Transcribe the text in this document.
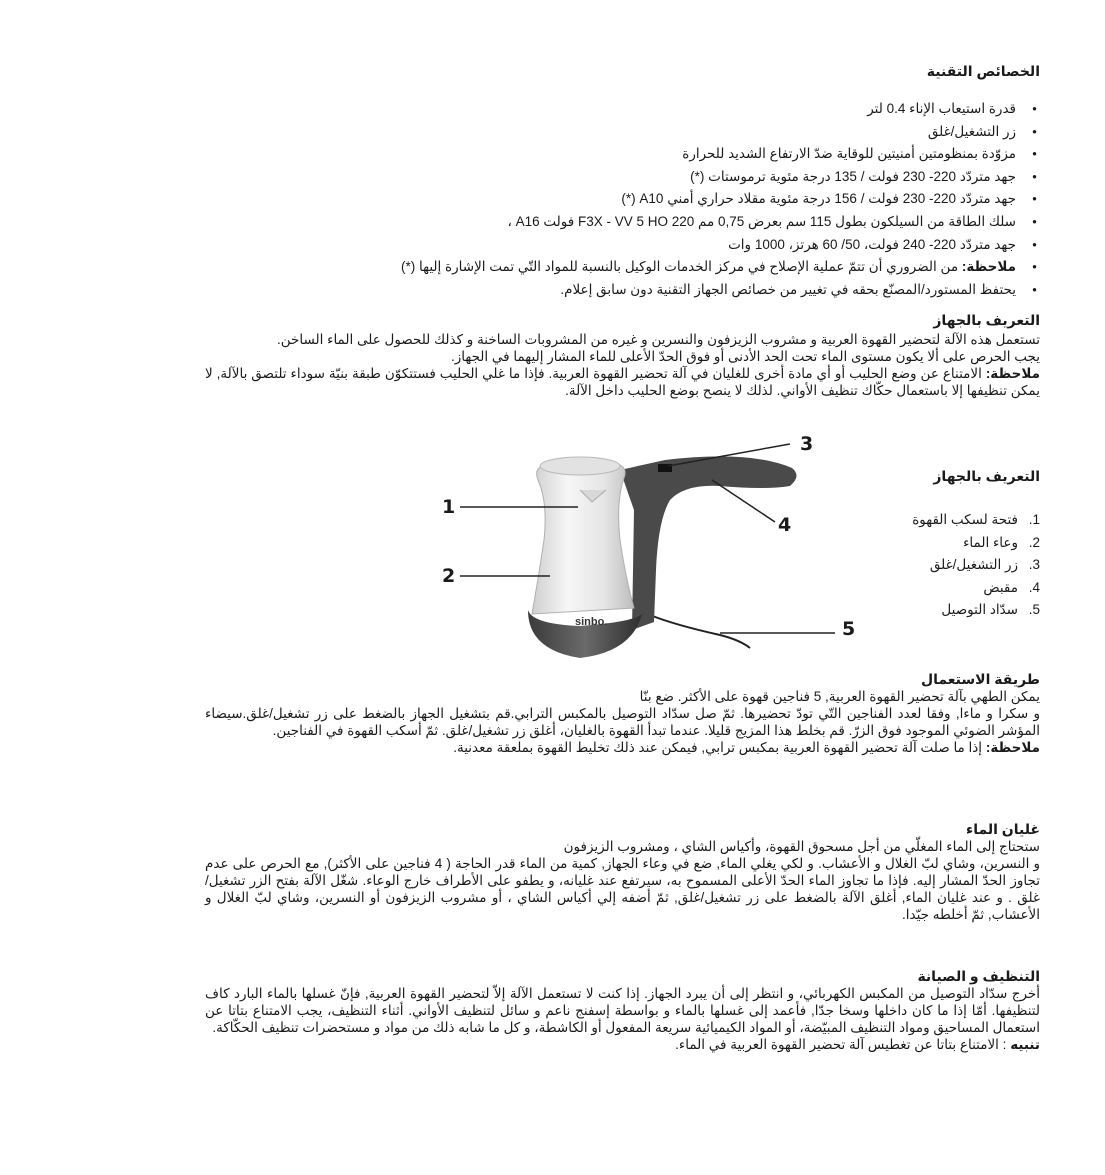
الخصائص التقنية
● قدرة استيعاب الإناء 0.4 لتر
● زر التشغيل/غلق
● مزوّدة بمنظومتين أمنيتين للوقاية ضدّ الارتفاع الشديد للحرارة
● جهد متردّد 220- 230 فولت / 135 درجة مئوية ترموستات (*)
● جهد متردّد 220- 230 فولت / 156 درجة مئوية مقلاد حراري أمني A10 (*)
● سلك الطاقة من السيلكون بطول 115 سم بعرض 0,75 مم F3X - VV 5 HO 220 فولت A16 ،
● جهد متردّد 220- 240 فولت، 50/ 60 هرتز، 1000 وات
● ملاحظة: من الضروري أن تتمّ عملية الإصلاح في مركز الخدمات الوكيل بالنسبة للمواد التّي تمت الإشارة إليها (*)
● يحتفظ المستورد/المصنّع بحقه في تغيير من خصائص الجهاز التقنية دون سابق إعلام.
التعريف بالجهاز

تستعمل هذه الآلة لتحضير القهوة العربية و مشروب الزيزفون والنسرين و غيره من المشروبات الساخنة و كذلك للحصول على الماء الساخن.

يجب الحرص على ألا يكون مستوى الماء تحت الحد الأدنى أو فوق الحدّ الأعلى للماء المشار إليهما في الجهاز.

ملاحظة: الامتناع عن وضع الحليب أو أي مادة أخرى للغليان في آلة تحضير القهوة العربية. فإذا ما غلي الحليب فستتكوّن طبقة بنيّة سوداء تلتصق بالآلة, لا يمكن تنظيفها إلا باستعمال حكّاك تنظيف الأواني. لذلك لا ينصح بوضع الحليب داخل الآلة.

التعريف بالجهاز
1.
فتحة لسكب القهوة
2.
وعاء الماء
3.
زر التشغيل/غلق
4.
مقبض
5.
سدّاد التوصيل
sinbo.
1
2
3
4
5
طريقة الاستعمال

يمكن الطهي بآلة تحضير القهوة العربية, 5 فناجين قهوة على الأكثر. ضع بنّا

و سكرا و ماءا, وفقا لعدد الفناجين التّي تودّ تحضيرها. ثمّ صل سدّاد التوصيل بالمكبس الترابي.قم بتشغيل الجهاز بالضغط على زر تشغيل/غلق.سيضاء المؤشر الضوئي الموجود فوق الزرّ. قم بخلط هذا المزيج قليلا. عندما تبدأ القهوة بالغليان، أغلق زر تشغيل/غلق. ثمّ أسكب القهوة في الفناجين.

ملاحظة: إذا ما صلت آلة تحضير القهوة العربية بمكبس ترابي, فيمكن عند ذلك تخليط القهوة بملعقة معدنية.

غليان الماء

ستحتاج إلى الماء المغلّي من أجل مسحوق القهوة، وأكياس الشاي ، ومشروب الزيزفون

و النسرين، وشاي لبّ الغلال و الأعشاب. و لكي يغلي الماء, ضع في وعاء الجهاز, كمية من الماء قدر الحاجة ( 4 فناجين على الأكثر), مع الحرص على عدم تجاوز الحدّ المشار إليه. فإذا ما تجاوز الماء الحدّ الأعلى المسموح به، سيرتفع عند غليانه، و يطفو على الأطراف خارج الوعاء. شغّل الآلة بفتح الزر تشغيل/غلق . و عند غليان الماء, أغلق الآلة بالضغط على زر تشغيل/غلق, ثمّ أضفه إلي أكياس الشاي ، أو مشروب الزيزفون أو النسرين، وشاي لبّ الغلال و الأعشاب, ثمّ أخلطه جيّدا.

التنظيف و الصيانة

أخرج سدّاد التوصيل من المكبس الكهربائي، و انتظر إلى أن يبرد الجهاز. إذا كنت لا تستعمل الآلة إلاّ لتحضير القهوة العربية, فإنّ غسلها بالماء البارد كاف لتنظيفها. أمّا إذا ما كان داخلها وسخا جدّا, فأعمد إلى غسلها بالماء و بواسطة إسفنج ناعم و سائل لتنظيف الأواني. أثناء التنظيف، يجب الامتناع بتاتا عن استعمال المساحيق ومواد التنظيف المبيّضة، أو المواد الكيميائية سريعة المفعول أو الكاشطة، و كل ما شابه ذلك من مواد و مستحضرات تنظيف الحكّاكة.

تنبيه : الامتناع بتاتا عن تغطيس آلة تحضير القهوة العربية في الماء.
